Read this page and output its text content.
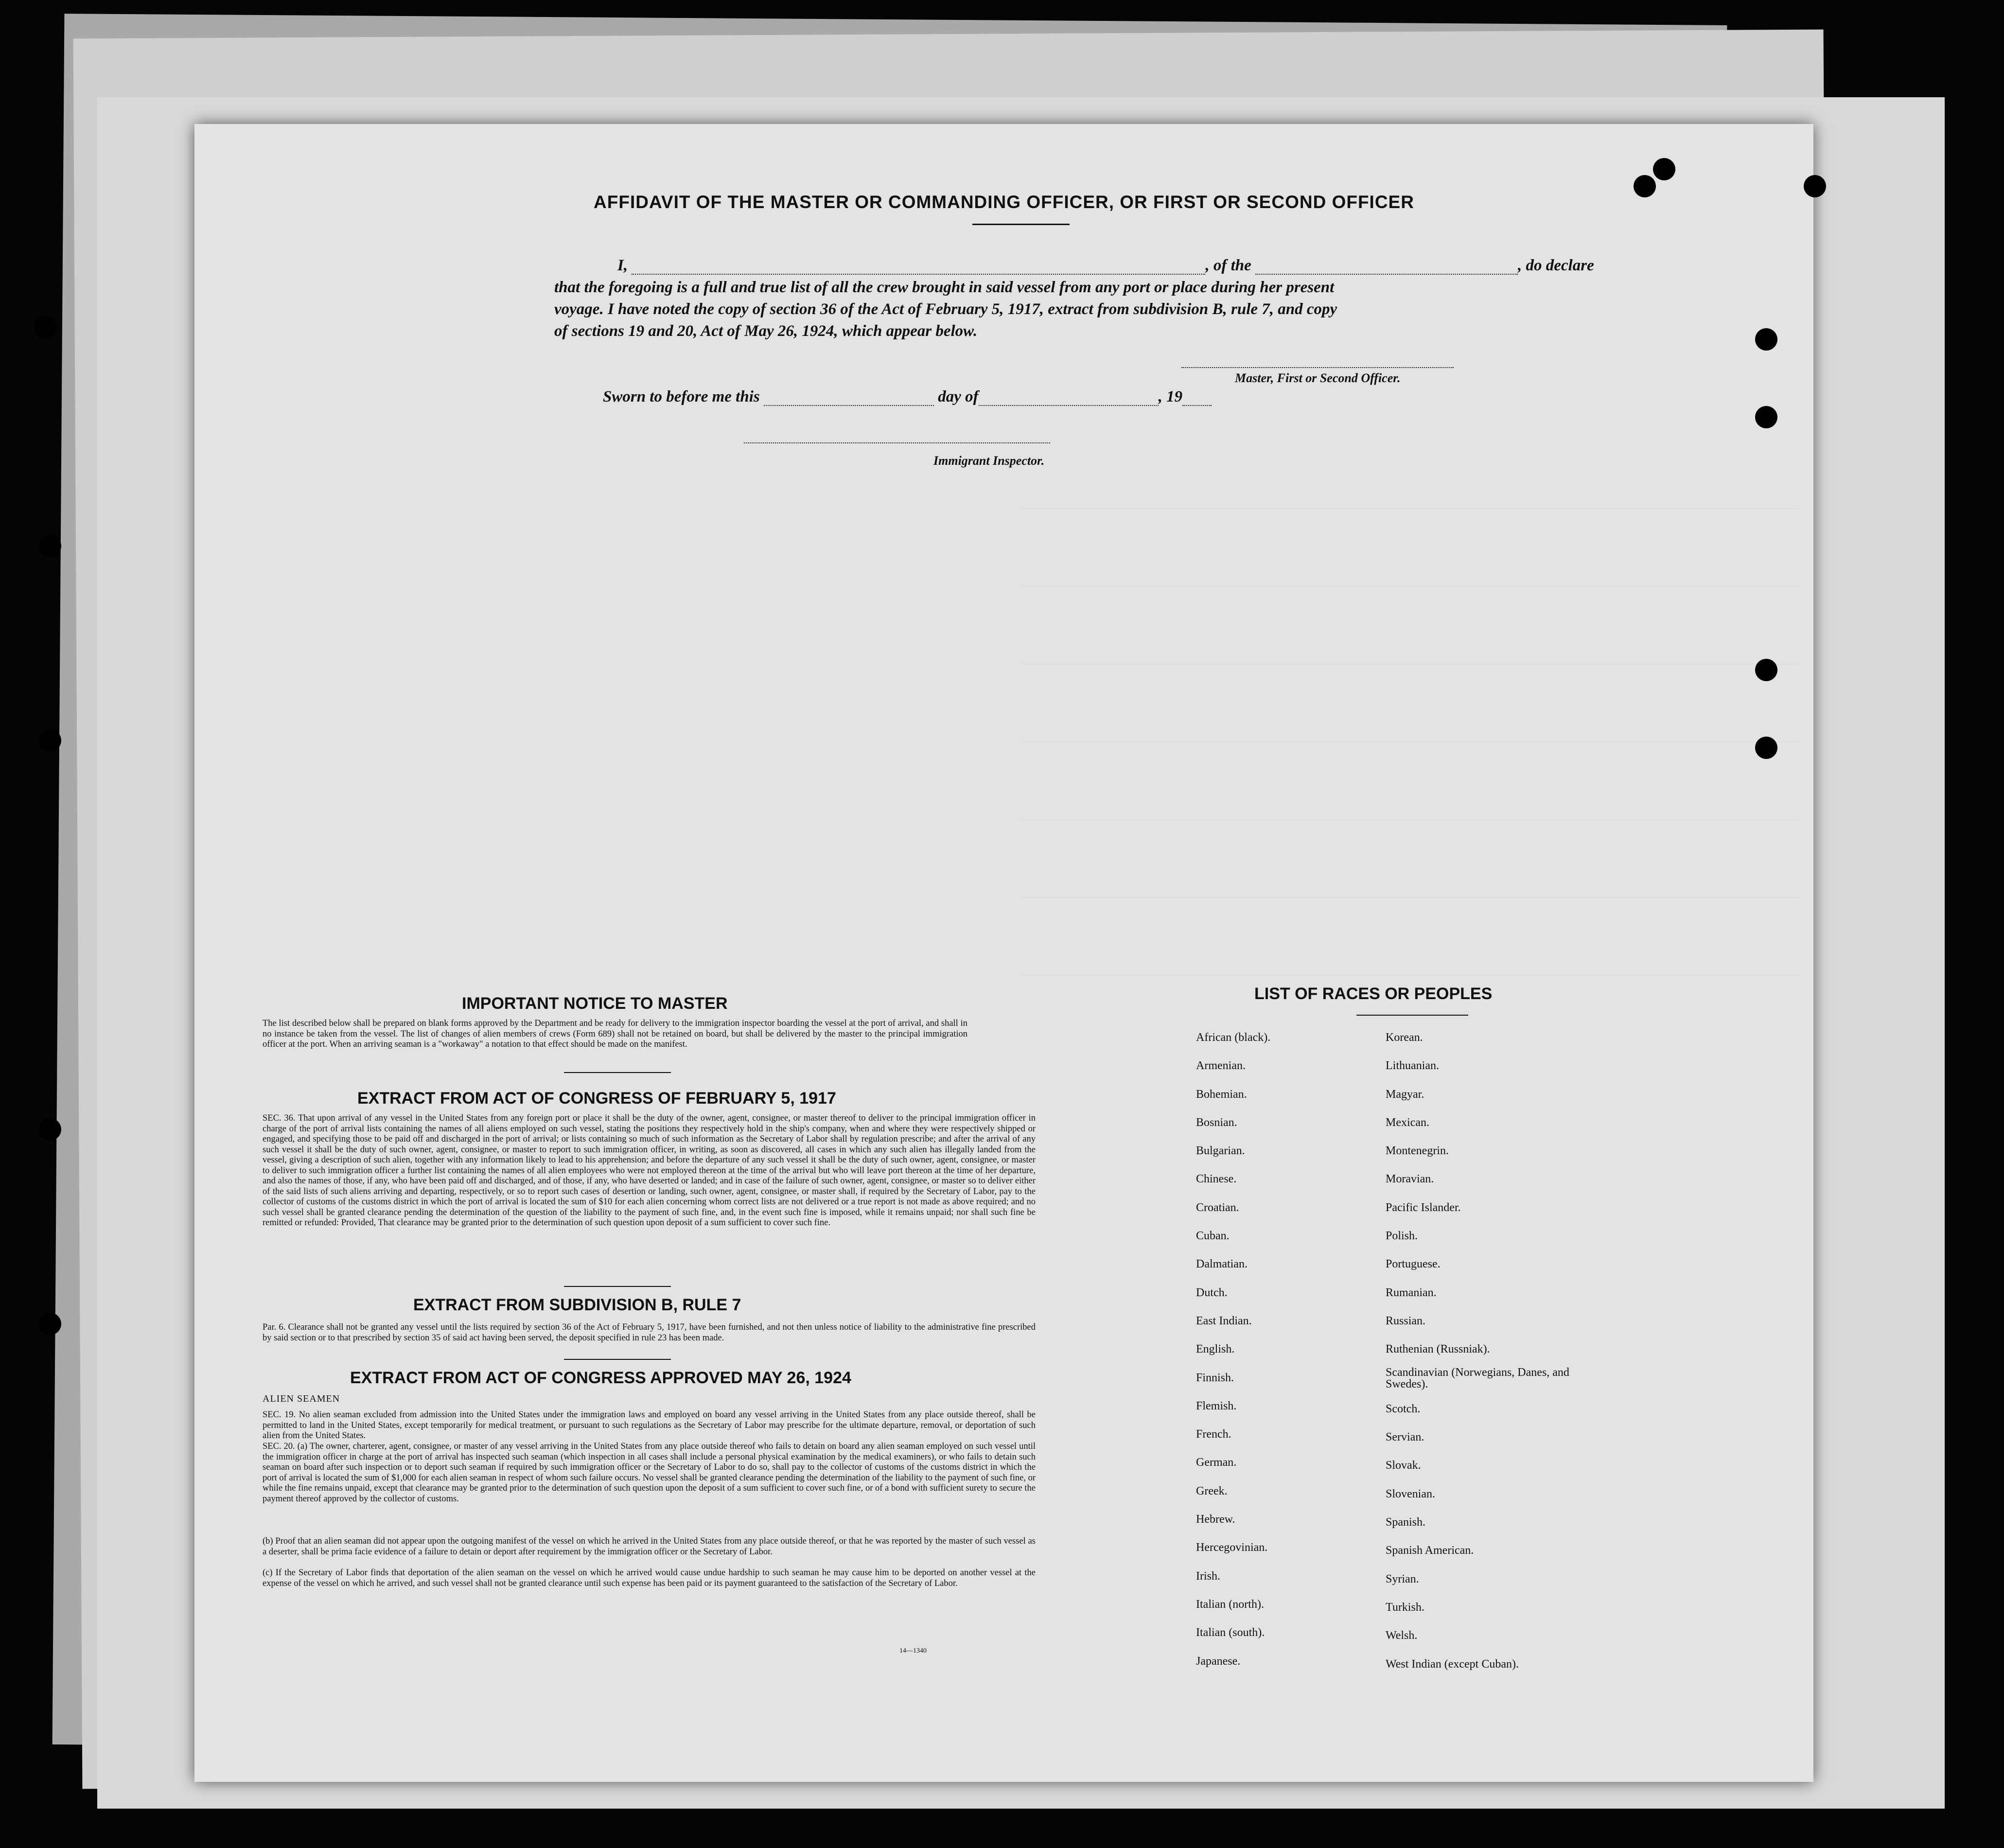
AFFIDAVIT OF THE MASTER OR COMMANDING OFFICER, OR FIRST OR SECOND OFFICER
I,	, of the	, do declare
that the foregoing is a full and true list of all the crew brought in said vessel from any port or place during her present
voyage. I have noted the copy of section 36 of the Act of February 5, 1917, extract from subdivision B, rule 7, and copy
of sections 19 and 20, Act of May 26, 1924, which appear below.
Master, First or Second Officer.
Sworn to before me this	day of	, 19
Immigrant Inspector.
IMPORTANT NOTICE TO MASTER
The list described below shall be prepared on blank forms approved by the Department and be ready for delivery to the immigration inspector boarding the vessel at the port of arrival, and shall in no instance be taken from the vessel. The list of changes of alien members of crews (Form 689) shall not be retained on board, but shall be delivered by the master to the principal immigration officer at the port. When an arriving seaman is a "workaway" a notation to that effect should be made on the manifest.
EXTRACT FROM ACT OF CONGRESS OF FEBRUARY 5, 1917
SEC. 36. That upon arrival of any vessel in the United States from any foreign port or place it shall be the duty of the owner, agent, consignee, or master thereof to deliver to the principal immigration officer in charge of the port of arrival lists containing the names of all aliens employed on such vessel, stating the positions they respectively hold in the ship's company, when and where they were respectively shipped or engaged, and specifying those to be paid off and discharged in the port of arrival; or lists containing so much of such information as the Secretary of Labor shall by regulation prescribe; and after the arrival of any such vessel it shall be the duty of such owner, agent, consignee, or master to report to such immigration officer, in writing, as soon as discovered, all cases in which any such alien has illegally landed from the vessel, giving a description of such alien, together with any information likely to lead to his apprehension; and before the departure of any such vessel it shall be the duty of such owner, agent, consignee, or master to deliver to such immigration officer a further list containing the names of all alien employees who were not employed thereon at the time of the arrival but who will leave port thereon at the time of her departure, and also the names of those, if any, who have been paid off and discharged, and of those, if any, who have deserted or landed; and in case of the failure of such owner, agent, consignee, or master so to deliver either of the said lists of such aliens arriving and departing, respectively, or so to report such cases of desertion or landing, such owner, agent, consignee, or master shall, if required by the Secretary of Labor, pay to the collector of customs of the customs district in which the port of arrival is located the sum of $10 for each alien concerning whom correct lists are not delivered or a true report is not made as above required; and no such vessel shall be granted clearance pending the determination of the question of the liability to the payment of such fine, and, in the event such fine is imposed, while it remains unpaid; nor shall such fine be remitted or refunded: Provided, That clearance may be granted prior to the determination of such question upon deposit of a sum sufficient to cover such fine.
EXTRACT FROM SUBDIVISION B, RULE 7
Par. 6. Clearance shall not be granted any vessel until the lists required by section 36 of the Act of February 5, 1917, have been furnished, and not then unless notice of liability to the administrative fine prescribed by said section or to that prescribed by section 35 of said act having been served, the deposit specified in rule 23 has been made.
EXTRACT FROM ACT OF CONGRESS APPROVED MAY 26, 1924
ALIEN SEAMEN
SEC. 19. No alien seaman excluded from admission into the United States under the immigration laws and employed on board any vessel arriving in the United States from any place outside thereof, shall be permitted to land in the United States, except temporarily for medical treatment, or pursuant to such regulations as the Secretary of Labor may prescribe for the ultimate departure, removal, or deportation of such alien from the United States.
SEC. 20. (a) The owner, charterer, agent, consignee, or master of any vessel arriving in the United States from any place outside thereof who fails to detain on board any alien seaman employed on such vessel until the immigration officer in charge at the port of arrival has inspected such seaman (which inspection in all cases shall include a personal physical examination by the medical examiners), or who fails to detain such seaman on board after such inspection or to deport such seaman if required by such immigration officer or the Secretary of Labor to do so, shall pay to the collector of customs of the customs district in which the port of arrival is located the sum of $1,000 for each alien seaman in respect of whom such failure occurs. No vessel shall be granted clearance pending the determination of the liability to the payment of such fine, or while the fine remains unpaid, except that clearance may be granted prior to the determination of such question upon the deposit of a sum sufficient to cover such fine, or of a bond with sufficient surety to secure the payment thereof approved by the collector of customs.
(b) Proof that an alien seaman did not appear upon the outgoing manifest of the vessel on which he arrived in the United States from any place outside thereof, or that he was reported by the master of such vessel as a deserter, shall be prima facie evidence of a failure to detain or deport after requirement by the immigration officer or the Secretary of Labor.
(c) If the Secretary of Labor finds that deportation of the alien seaman on the vessel on which he arrived would cause undue hardship to such seaman he may cause him to be deported on another vessel at the expense of the vessel on which he arrived, and such vessel shall not be granted clearance until such expense has been paid or its payment guaranteed to the satisfaction of the Secretary of Labor.
14—1340
LIST OF RACES OR PEOPLES
African (black).
Armenian.
Bohemian.
Bosnian.
Bulgarian.
Chinese.
Croatian.
Cuban.
Dalmatian.
Dutch.
East Indian.
English.
Finnish.
Flemish.
French.
German.
Greek.
Hebrew.
Hercegovinian.
Irish.
Italian (north).
Italian (south).
Japanese.
Korean.
Lithuanian.
Magyar.
Mexican.
Montenegrin.
Moravian.
Pacific Islander.
Polish.
Portuguese.
Rumanian.
Russian.
Ruthenian (Russniak).
Scandinavian (Norwegians, Danes, and Swedes).
Scotch.
Servian.
Slovak.
Slovenian.
Spanish.
Spanish American.
Syrian.
Turkish.
Welsh.
West Indian (except Cuban).
